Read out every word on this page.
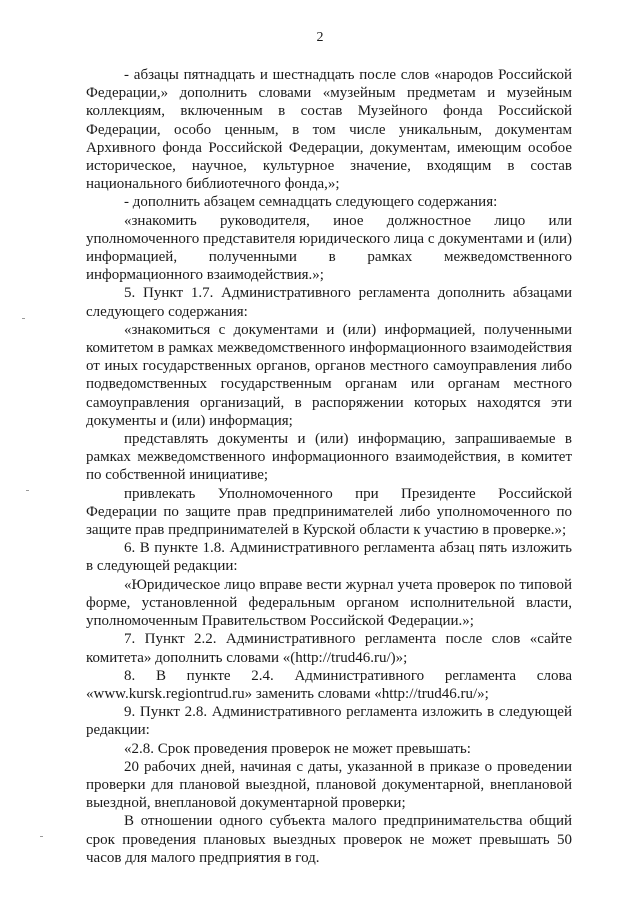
2

- абзацы пятнадцать и шестнадцать после слов «народов Российской Федерации,» дополнить словами «музейным предметам и музейным коллекциям, включенным в состав Музейного фонда Российской Федерации, особо ценным, в том числе уникальным, документам Архивного фонда Российской Федерации, документам, имеющим особое историческое, научное, культурное значение, входящим в состав национального библиотечного фонда,»;

- дополнить абзацем семнадцать следующего содержания:

«знакомить руководителя, иное должностное лицо или уполномоченного представителя юридического лица с документами и (или) информацией, полученными в рамках межведомственного информационного взаимодействия.»;

5. Пункт 1.7. Административного регламента дополнить абзацами следующего содержания:

«знакомиться с документами и (или) информацией, полученными комитетом в рамках межведомственного информационного взаимодействия от иных государственных органов, органов местного самоуправления либо подведомственных государственным органам или органам местного самоуправления организаций, в распоряжении которых находятся эти документы и (или) информация;

представлять документы и (или) информацию, запрашиваемые в рамках межведомственного информационного взаимодействия, в комитет по собственной инициативе;

привлекать Уполномоченного при Президенте Российской Федерации по защите прав предпринимателей либо уполномоченного по защите прав предпринимателей в Курской области к участию в проверке.»;

6. В пункте 1.8. Административного регламента абзац пять изложить в следующей редакции:

«Юридическое лицо вправе вести журнал учета проверок по типовой форме, установленной федеральным органом исполнительной власти, уполномоченным Правительством Российской Федерации.»;

7. Пункт 2.2. Административного регламента после слов «сайте комитета» дополнить словами «(http://trud46.ru/)»;

8. В пункте 2.4. Административного регламента слова «www.kursk.regiontrud.ru» заменить словами «http://trud46.ru/»;

9. Пункт 2.8. Административного регламента изложить в следующей редакции:

«2.8. Срок проведения проверок не может превышать:

20 рабочих дней, начиная с даты, указанной в приказе о проведении проверки для плановой выездной, плановой документарной, внеплановой выездной, внеплановой документарной проверки;

В отношении одного субъекта малого предпринимательства общий срок проведения плановых выездных проверок не может превышать 50 часов для малого предприятия в год.
